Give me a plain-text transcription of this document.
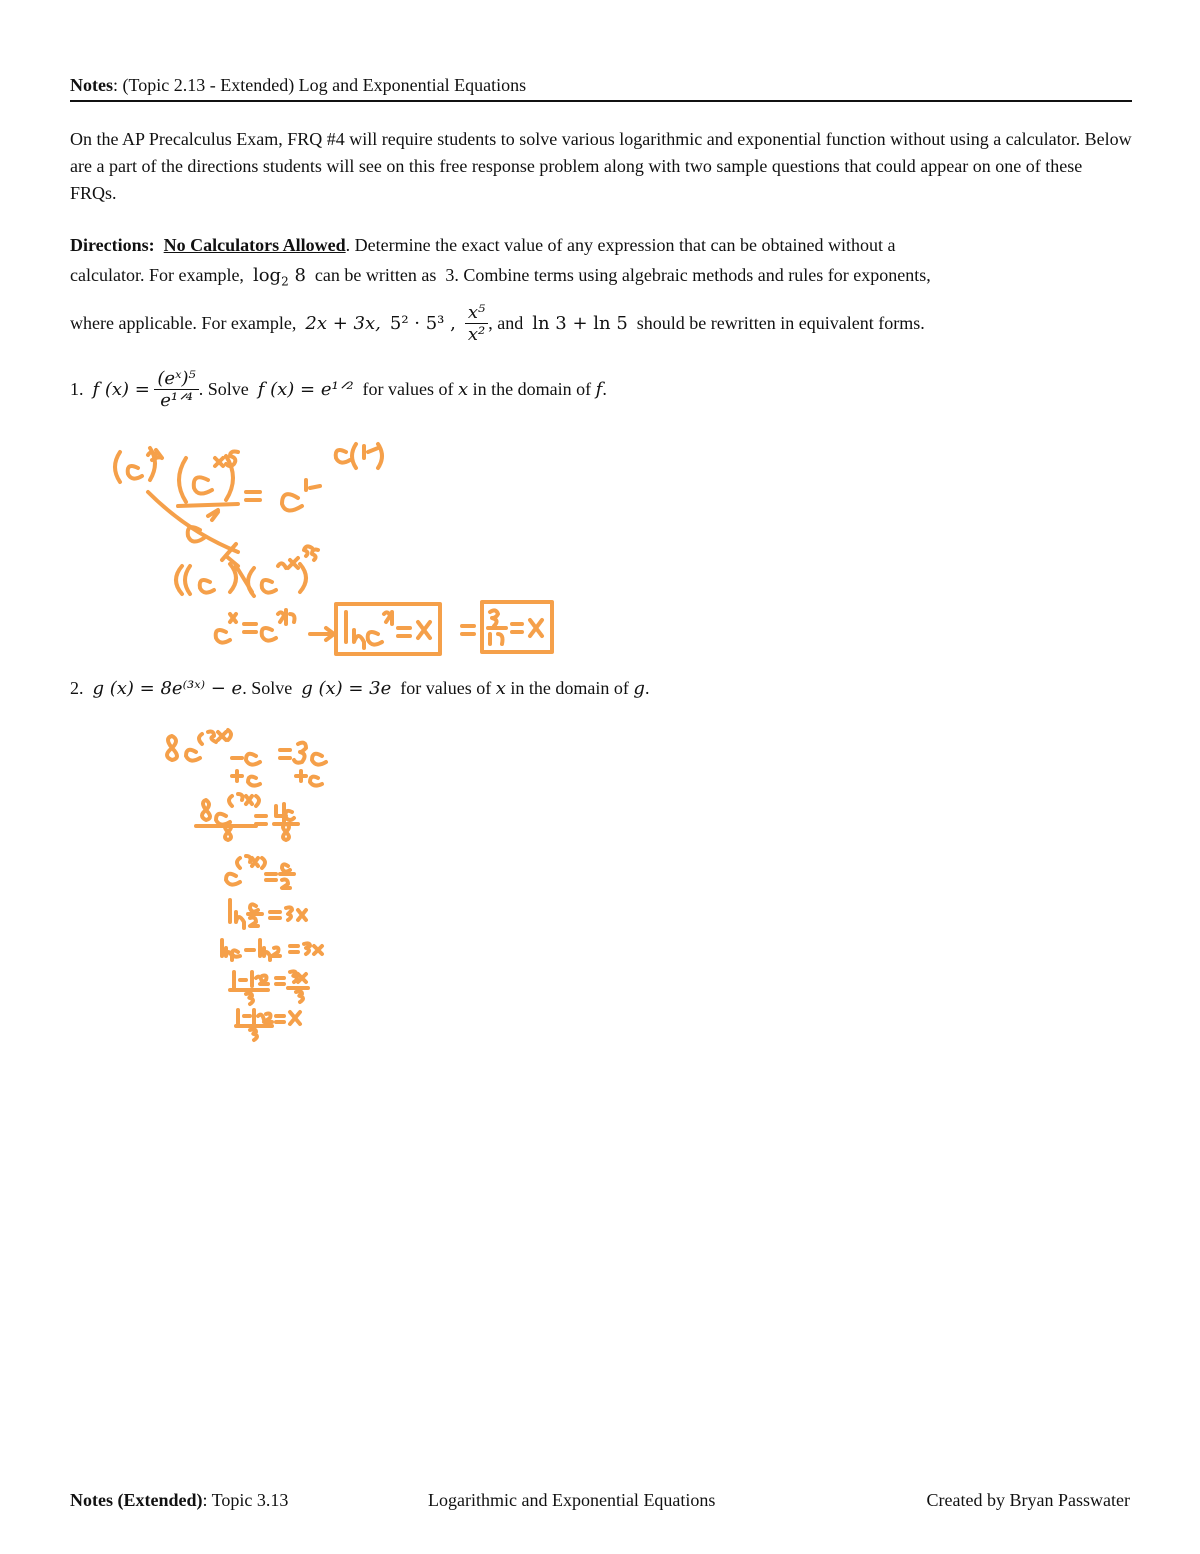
Notes: (Topic 2.13 - Extended) Log and Exponential Equations
On the AP Precalculus Exam, FRQ #4 will require students to solve various logarithmic and exponential function without using a calculator. Below are a part of the directions students will see on this free response problem along with two sample questions that could appear on one of these FRQs.
Directions: No Calculators Allowed. Determine the exact value of any expression that can be obtained without a
calculator. For example, $\log_2 8$ can be written as 3. Combine terms using algebraic methods and rules for exponents,
where applicable. For example, 2x + 3x, 5² · 5³ , $\frac{\text{x⁵}}{\text{x²}}$ , and ln 3 + ln 5 should be rewritten in equivalent forms.
1. f $(x) = \frac{\text{(eˣ)⁵}}{\text{e¹ᐟ⁴}}$ . Solve f (x) = e¹ᐟ² for values of x in the domain of f.
2. g (x) = 8e⁽³ˣ⁾ − e. Solve g (x) = 3e for values of x in the domain of g.
Notes (Extended): Topic 3.13	Logarithmic and Exponential Equations	Created by Bryan Passwater
